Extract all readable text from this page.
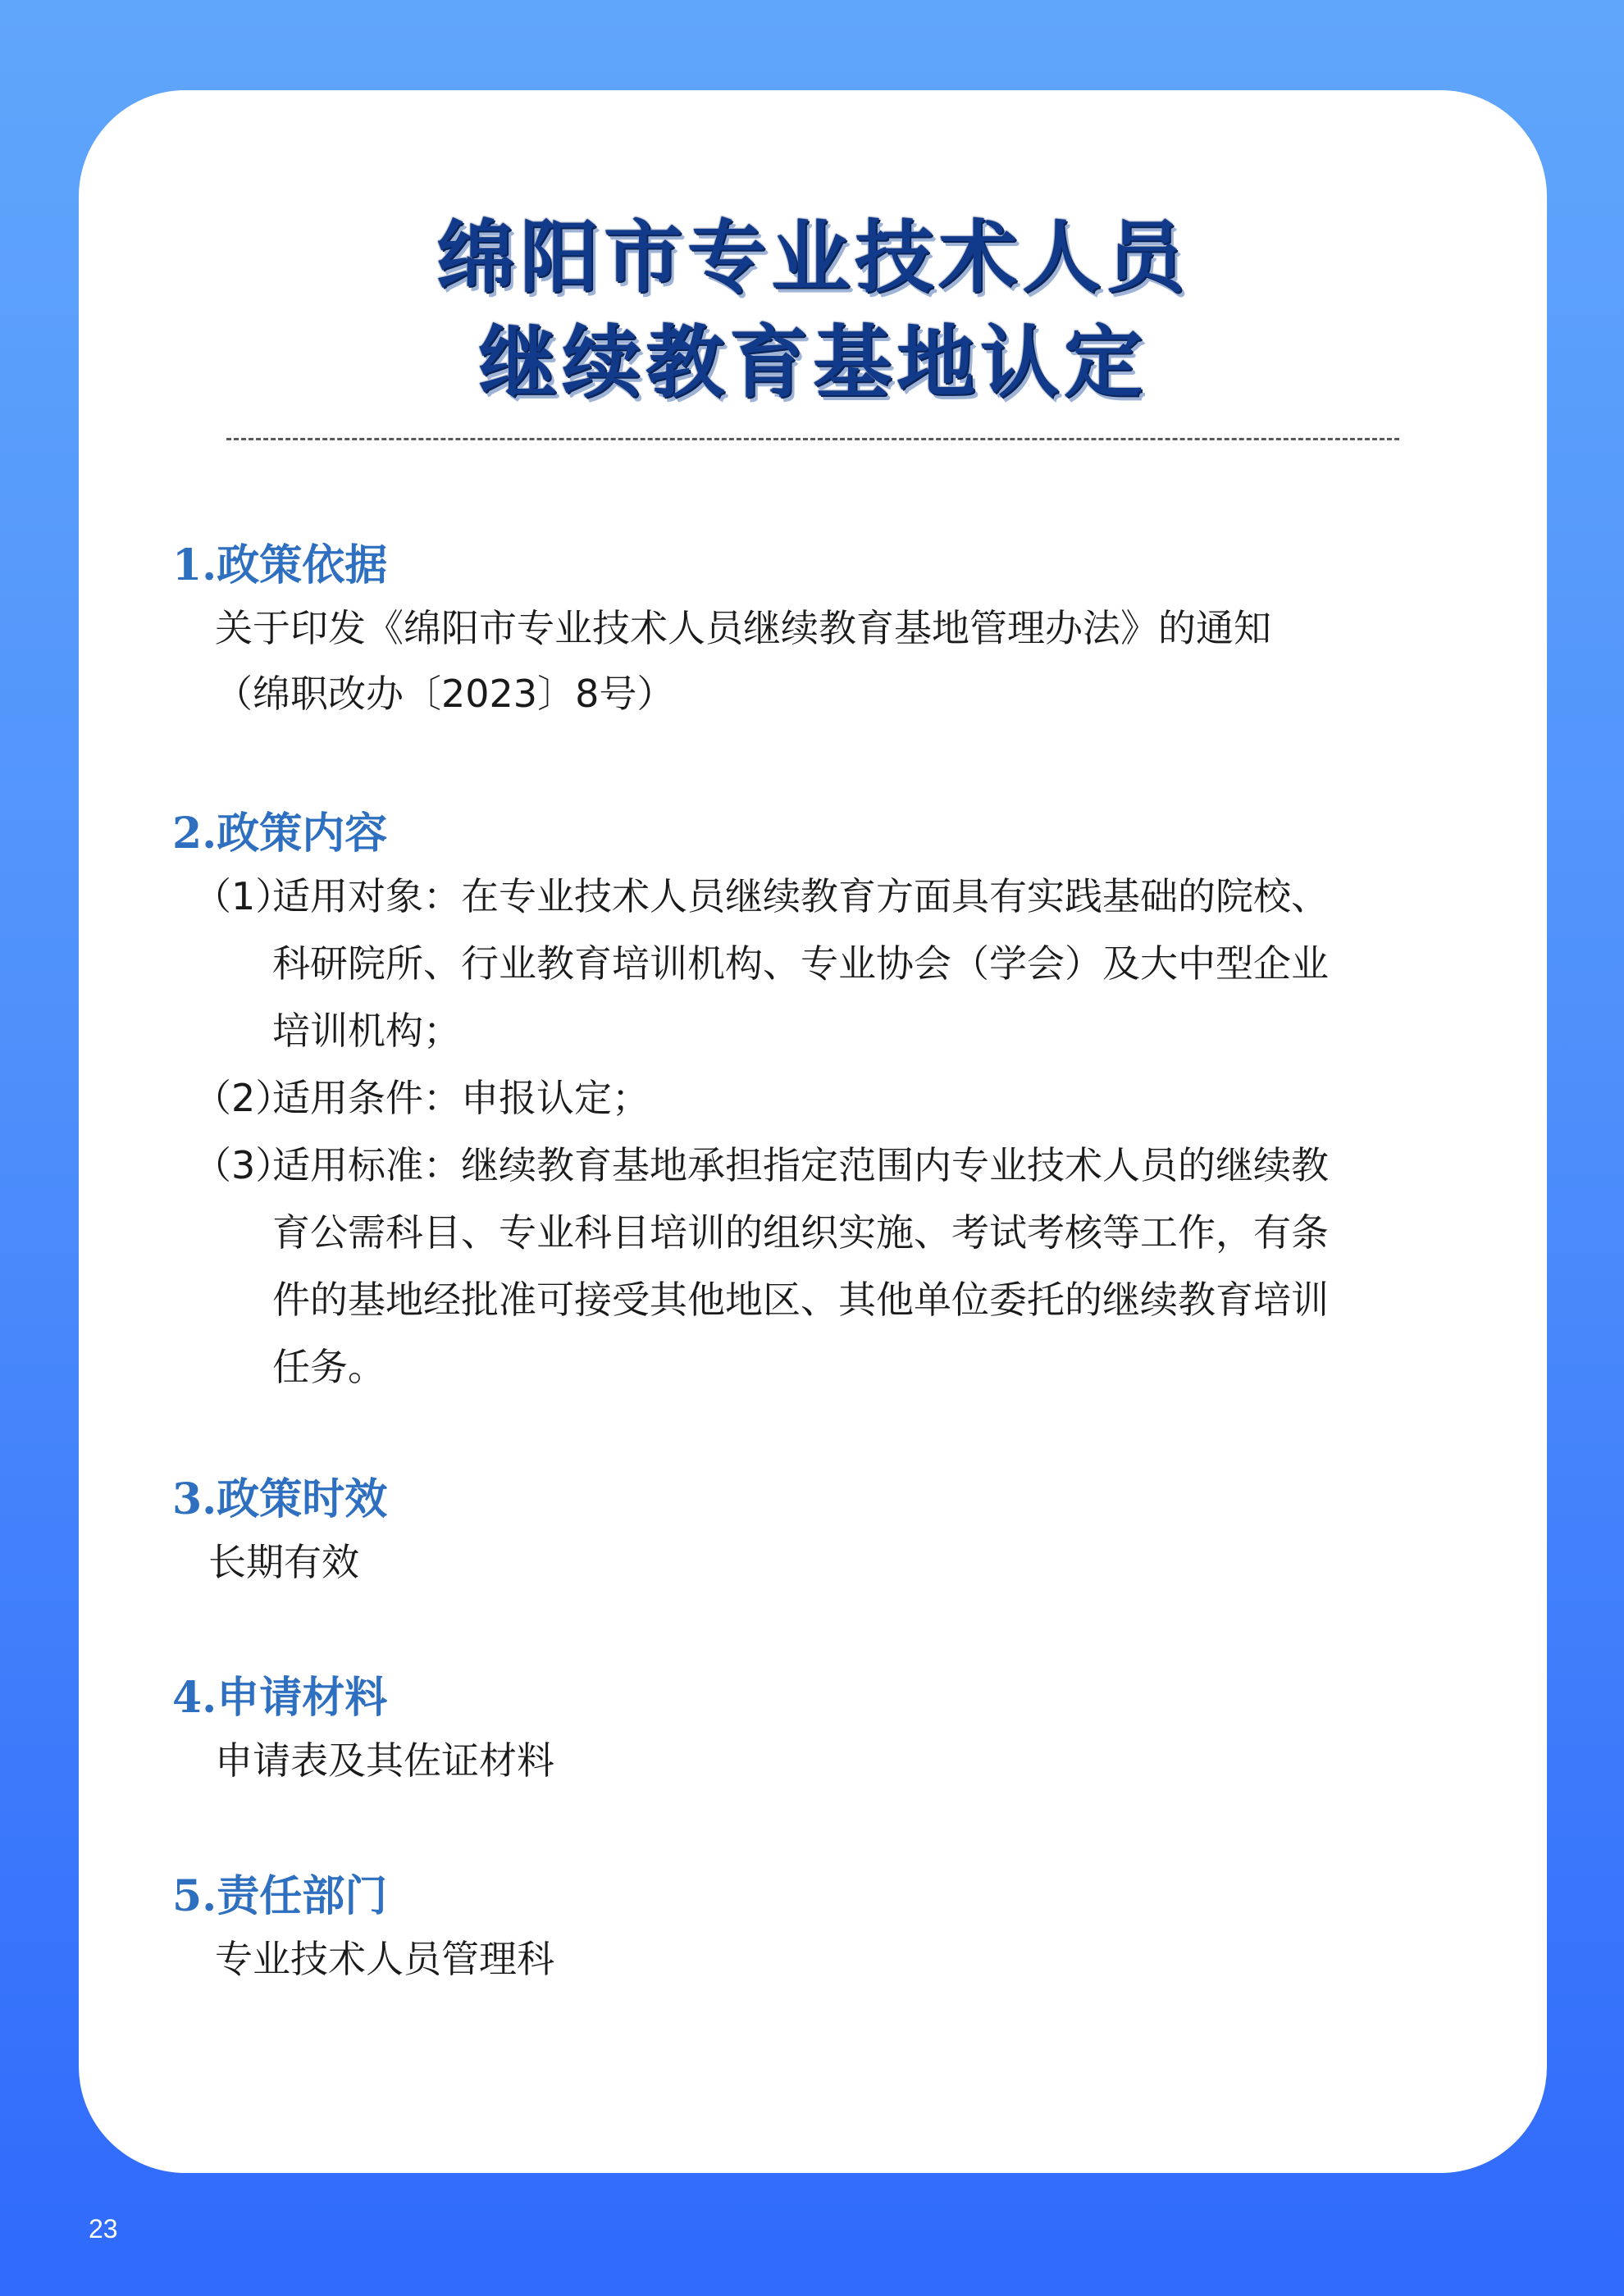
绵阳市专业技术人员
继续教育基地认定
1.政策依据

关于印发《绵阳市专业技术人员继续教育基地管理办法》的通知

（绵职改办〔2023〕8号）

2.政策内容
（1）
适用对象：在专业技术人员继续教育方面具有实践基础的院校、
科研院所、行业教育培训机构、专业协会（学会）及大中型企业
培训机构；
（2）
适用条件：申报认定；
（3）
适用标准：继续教育基地承担指定范围内专业技术人员的继续教
育公需科目、专业科目培训的组织实施、考试考核等工作，有条
件的基地经批准可接受其他地区、其他单位委托的继续教育培训
任务。
3.政策时效

长期有效

4.申请材料

申请表及其佐证材料

5.责任部门

专业技术人员管理科

23
